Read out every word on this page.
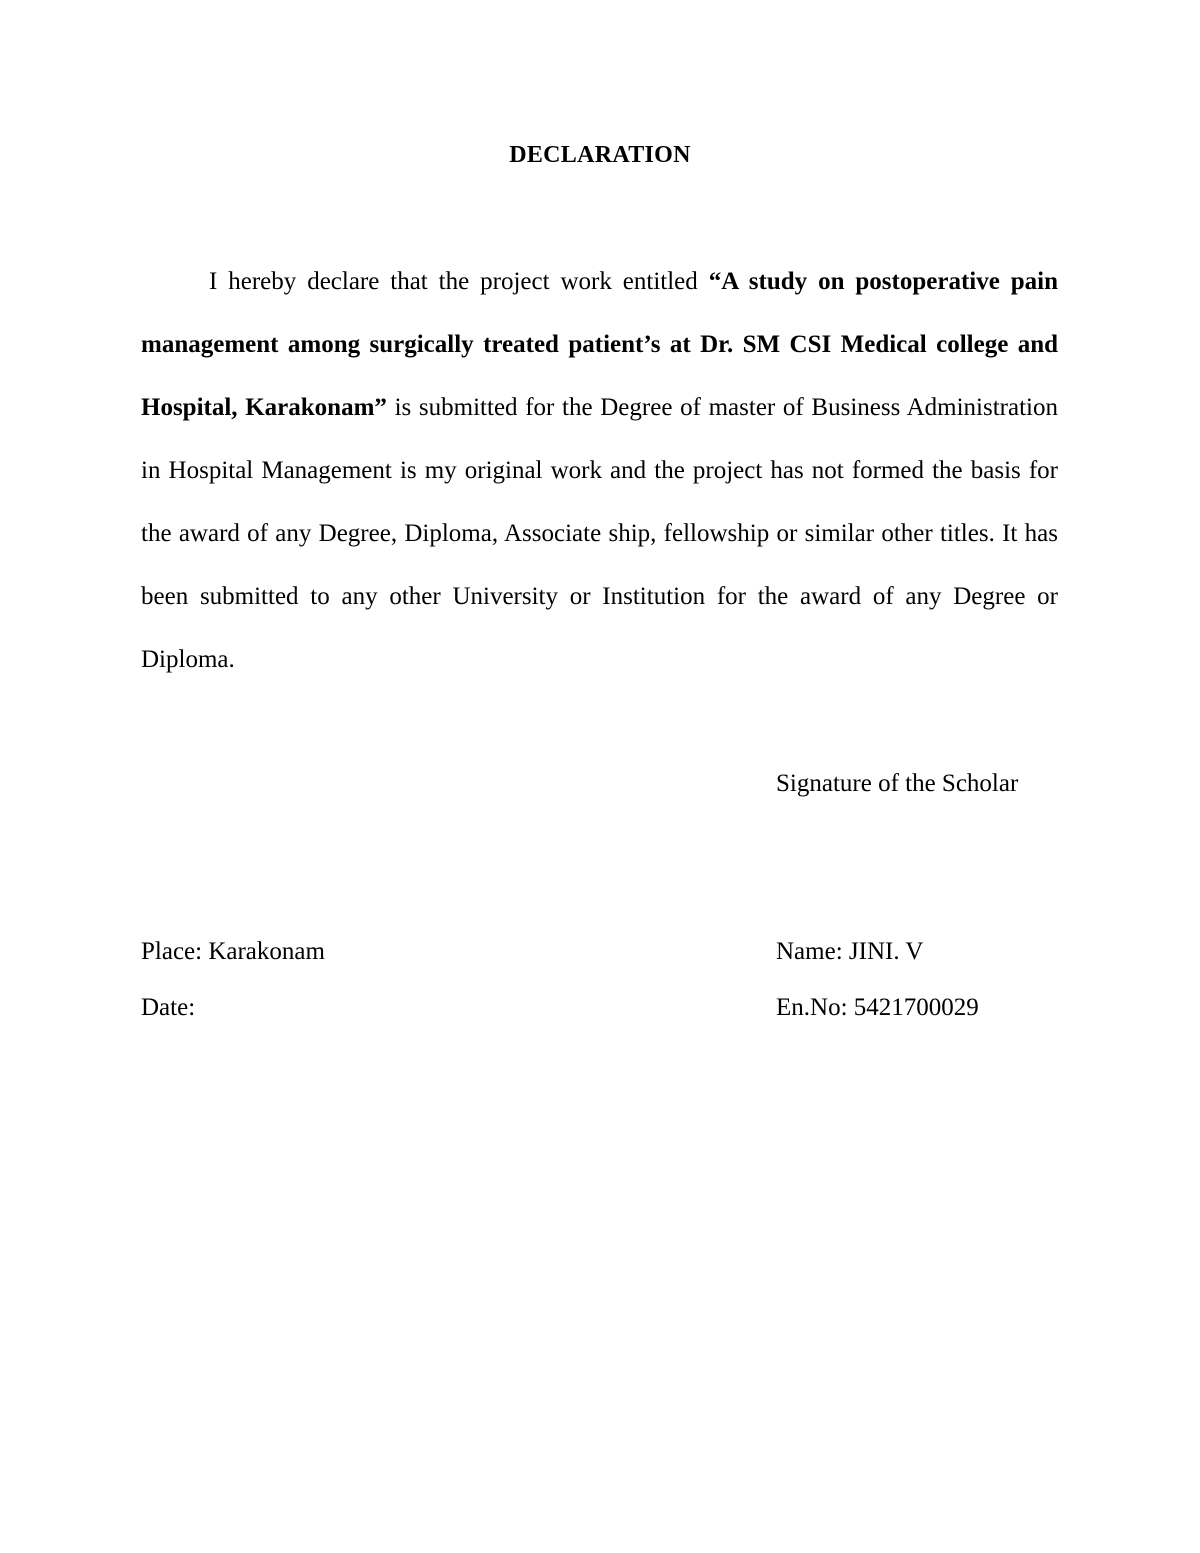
DECLARATION

I hereby declare that the project work entitled “A study on postoperative pain management among surgically treated patient’s at Dr. SM CSI Medical college and Hospital, Karakonam” is submitted for the Degree of master of Business Administration in Hospital Management is my original work and the project has not formed the basis for the award of any Degree, Diploma, Associate ship, fellowship or similar other titles. It has been submitted to any other University or Institution for the award of any Degree or Diploma.

Signature of the Scholar
Place: Karakonam
Date:
Name: JINI. V
En.No: 5421700029
